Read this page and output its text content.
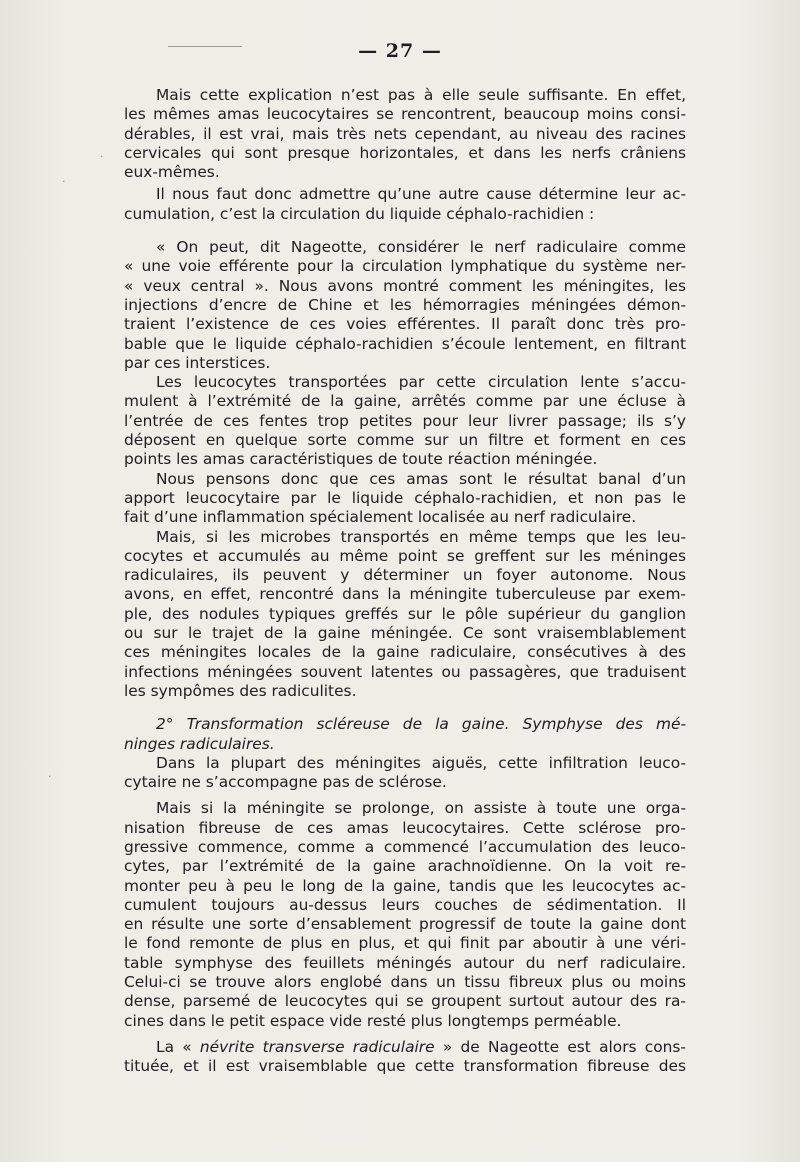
— 27 —
·
·
·
Mais cette explication n’est pas à elle seule suffisante. En effet,
les mêmes amas leucocytaires se rencontrent, beaucoup moins consi-
dérables, il est vrai, mais très nets cependant, au niveau des racines
cervicales qui sont presque horizontales, et dans les nerfs crâniens
eux-mêmes.
Il nous faut donc admettre qu’une autre cause détermine leur ac-
cumulation, c’est la circulation du liquide céphalo-rachidien :
« On peut, dit Nageotte, considérer le nerf radiculaire comme
« une voie efférente pour la circulation lymphatique du système ner-
« veux central ». Nous avons montré comment les méningites, les
injections d’encre de Chine et les hémorragies méningées démon-
traient l’existence de ces voies efférentes. Il paraît donc très pro-
bable que le liquide céphalo-rachidien s’écoule lentement, en filtrant
par ces interstices.
Les leucocytes transportées par cette circulation lente s’accu-
mulent à l’extrémité de la gaine, arrêtés comme par une écluse à
l’entrée de ces fentes trop petites pour leur livrer passage; ils s’y
déposent en quelque sorte comme sur un filtre et forment en ces
points les amas caractéristiques de toute réaction méningée.
Nous pensons donc que ces amas sont le résultat banal d’un
apport leucocytaire par le liquide céphalo-rachidien, et non pas le
fait d’une inflammation spécialement localisée au nerf radiculaire.
Mais, si les microbes transportés en même temps que les leu-
cocytes et accumulés au même point se greffent sur les méninges
radiculaires, ils peuvent y déterminer un foyer autonome. Nous
avons, en effet, rencontré dans la méningite tuberculeuse par exem-
ple, des nodules typiques greffés sur le pôle supérieur du ganglion
ou sur le trajet de la gaine méningée. Ce sont vraisemblablement
ces méningites locales de la gaine radiculaire, consécutives à des
infections méningées souvent latentes ou passagères, que traduisent
les sympômes des radiculites.
2° Transformation scléreuse de la gaine. Symphyse des mé-
ninges radiculaires.
Dans la plupart des méningites aiguës, cette infiltration leuco-
cytaire ne s’accompagne pas de sclérose.
Mais si la méningite se prolonge, on assiste à toute une orga-
nisation fibreuse de ces amas leucocytaires. Cette sclérose pro-
gressive commence, comme a commencé l’accumulation des leuco-
cytes, par l’extrémité de la gaine arachnoïdienne. On la voit re-
monter peu à peu le long de la gaine, tandis que les leucocytes ac-
cumulent toujours au-dessus leurs couches de sédimentation. Il
en résulte une sorte d’ensablement progressif de toute la gaine dont
le fond remonte de plus en plus, et qui finit par aboutir à une véri-
table symphyse des feuillets méningés autour du nerf radiculaire.
Celui-ci se trouve alors englobé dans un tissu fibreux plus ou moins
dense, parsemé de leucocytes qui se groupent surtout autour des ra-
cines dans le petit espace vide resté plus longtemps perméable.
La « névrite transverse radiculaire » de Nageotte est alors cons-
tituée, et il est vraisemblable que cette transformation fibreuse des
